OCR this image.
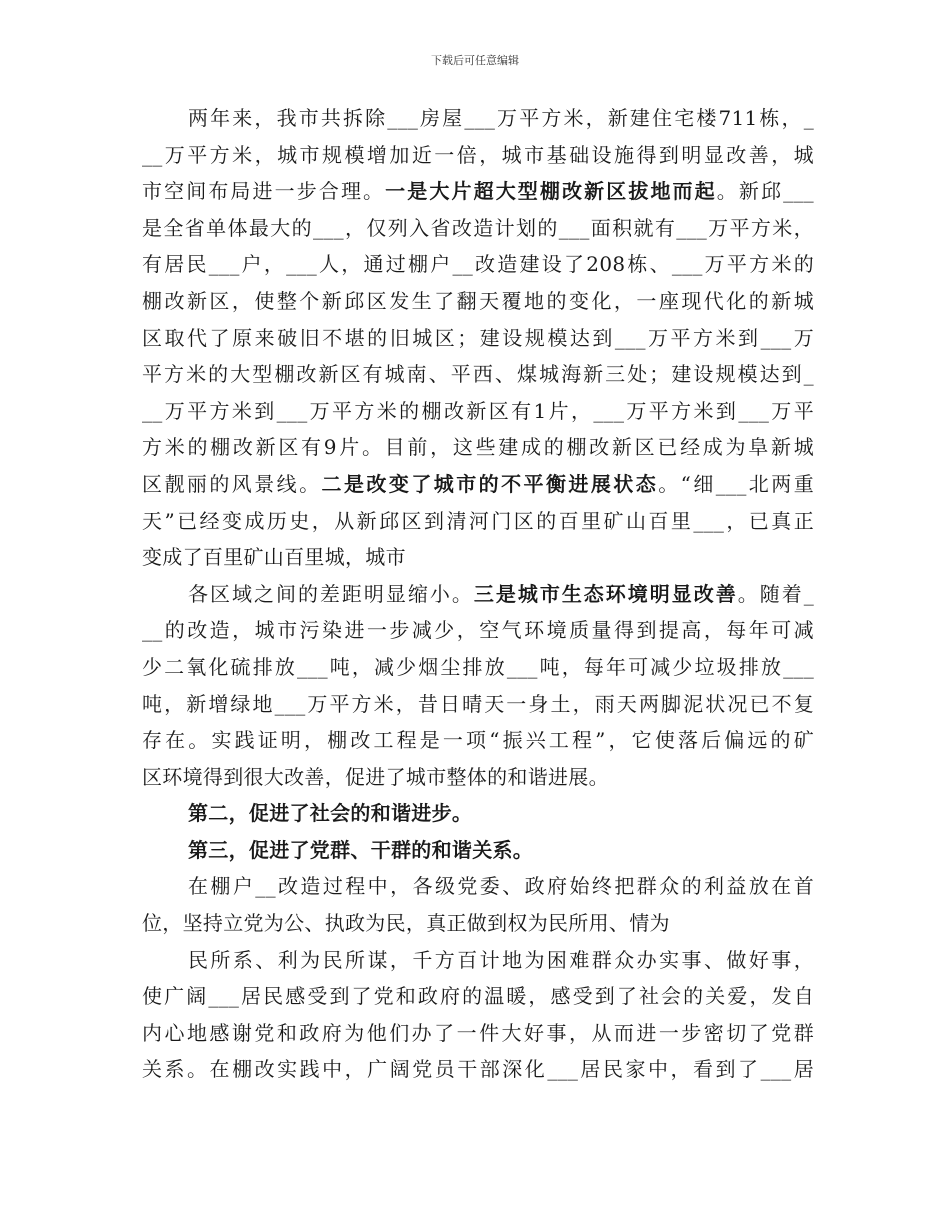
下载后可任意编辑
两年来，我市共拆除___房屋___万平方米，新建住宅楼711栋，_
__万平方米，城市规模增加近一倍，城市基础设施得到明显改善，城
市空间布局进一步合理。一是大片超大型棚改新区拔地而起。新邱___
是全省单体最大的___，仅列入省改造计划的___面积就有___万平方米，
有居民___户，___人，通过棚户__改造建设了208栋、___万平方米的
棚改新区，使整个新邱区发生了翻天覆地的变化，一座现代化的新城
区取代了原来破旧不堪的旧城区；建设规模达到___万平方米到___万
平方米的大型棚改新区有城南、平西、煤城海新三处；建设规模达到_
__万平方米到___万平方米的棚改新区有1片，___万平方米到___万平
方米的棚改新区有9片。目前，这些建成的棚改新区已经成为阜新城
区靓丽的风景线。二是改变了城市的不平衡进展状态。“细___北两重
天”已经变成历史，从新邱区到清河门区的百里矿山百里___，已真正
变成了百里矿山百里城，城市
各区域之间的差距明显缩小。三是城市生态环境明显改善。随着_
__的改造，城市污染进一步减少，空气环境质量得到提高，每年可减
少二氧化硫排放___吨，减少烟尘排放___吨，每年可减少垃圾排放___
吨，新增绿地___万平方米，昔日晴天一身土，雨天两脚泥状况已不复
存在。实践证明，棚改工程是一项“振兴工程”，它使落后偏远的矿
区环境得到很大改善，促进了城市整体的和谐进展。
第二，促进了社会的和谐进步。
第三，促进了党群、干群的和谐关系。
在棚户__改造过程中，各级党委、政府始终把群众的利益放在首
位，坚持立党为公、执政为民，真正做到权为民所用、情为
民所系、利为民所谋，千方百计地为困难群众办实事、做好事，
使广阔___居民感受到了党和政府的温暖，感受到了社会的关爱，发自
内心地感谢党和政府为他们办了一件大好事，从而进一步密切了党群
关系。在棚改实践中，广阔党员干部深化___居民家中，看到了___居
